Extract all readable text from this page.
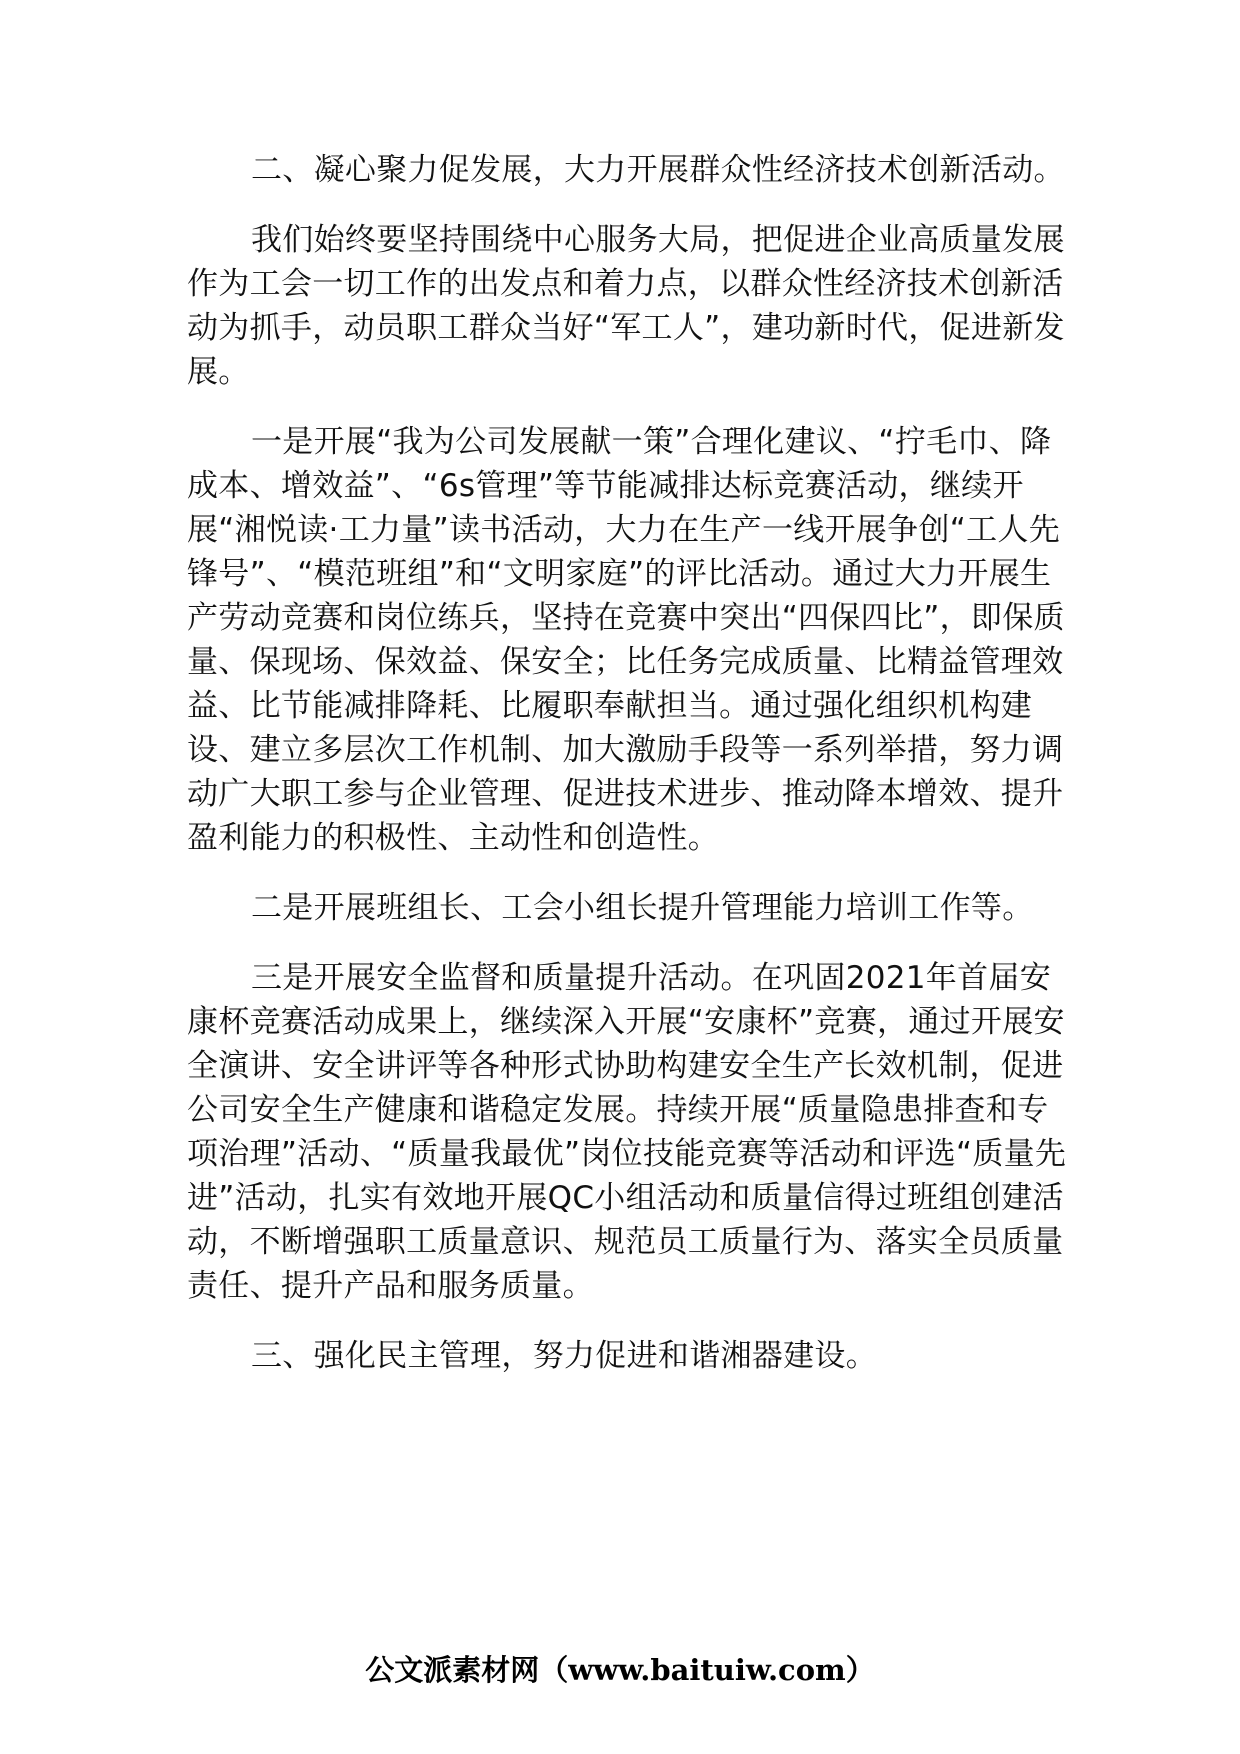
二、凝心聚力促发展，大力开展群众性经济技术创新活动。

我们始终要坚持围绕中心服务大局，把促进企业高质量发展作为工会一切工作的出发点和着力点，以群众性经济技术创新活动为抓手，动员职工群众当好“军工人”，建功新时代，促进新发展。

一是开展“我为公司发展献一策”合理化建议、“拧毛巾、降成本、增效益”、“6s管理”等节能减排达标竞赛活动，继续开展“湘悦读·工力量”读书活动，大力在生产一线开展争创“工人先锋号”、“模范班组”和“文明家庭”的评比活动。通过大力开展生产劳动竞赛和岗位练兵，坚持在竞赛中突出“四保四比”，即保质量、保现场、保效益、保安全；比任务完成质量、比精益管理效益、比节能减排降耗、比履职奉献担当。通过强化组织机构建设、建立多层次工作机制、加大激励手段等一系列举措，努力调动广大职工参与企业管理、促进技术进步、推动降本增效、提升盈利能力的积极性、主动性和创造性。

二是开展班组长、工会小组长提升管理能力培训工作等。

三是开展安全监督和质量提升活动。在巩固2021年首届安康杯竞赛活动成果上，继续深入开展“安康杯”竞赛，通过开展安全演讲、安全讲评等各种形式协助构建安全生产长效机制，促进公司安全生产健康和谐稳定发展。持续开展“质量隐患排查和专项治理”活动、“质量我最优”岗位技能竞赛等活动和评选“质量先进”活动，扎实有效地开展QC小组活动和质量信得过班组创建活动，不断增强职工质量意识、规范员工质量行为、落实全员质量责任、提升产品和服务质量。

三、强化民主管理，努力促进和谐湘器建设。

公文派素材网（www.baituiw.com）
